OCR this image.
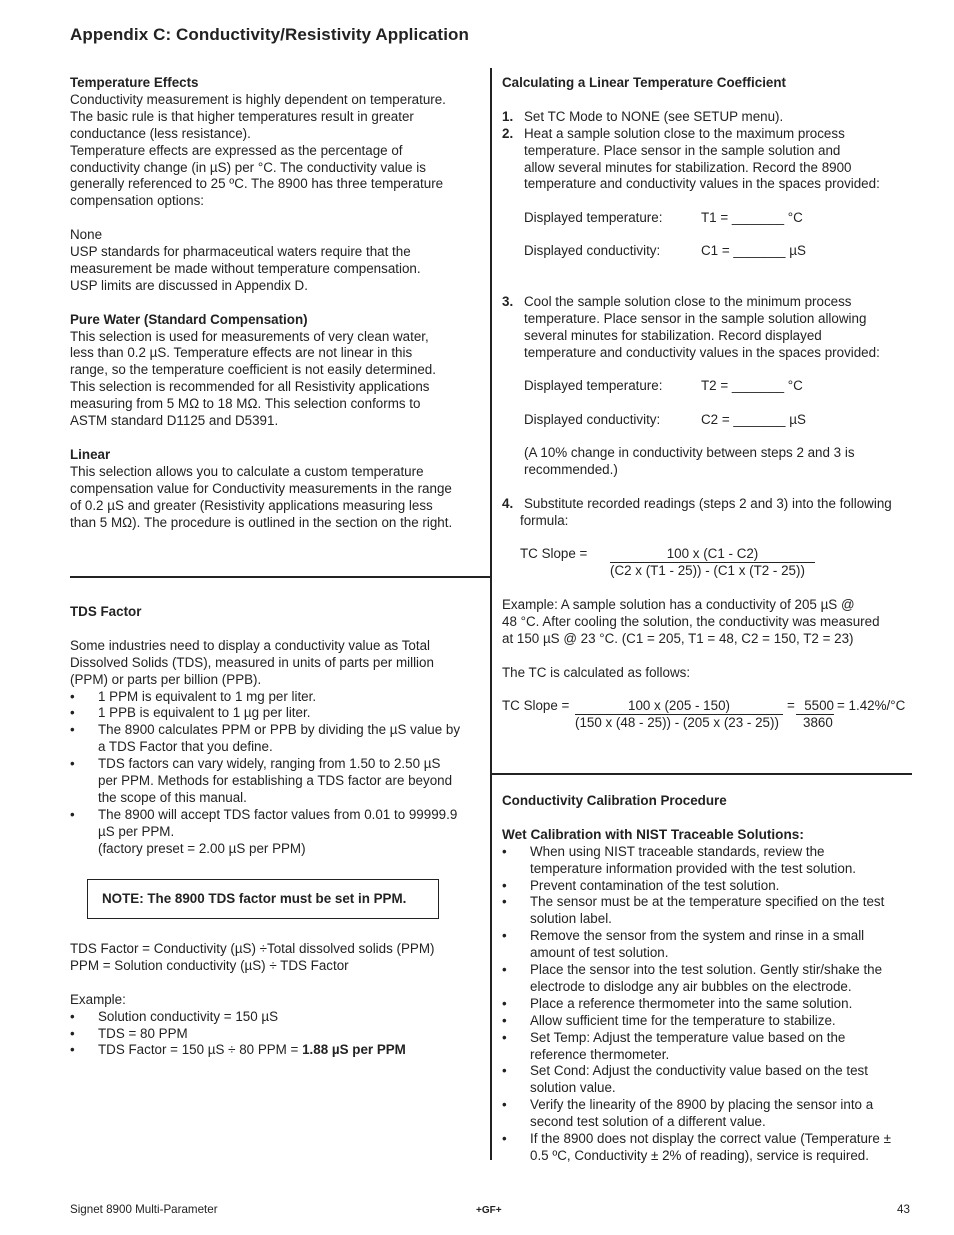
Appendix C: Conductivity/Resistivity Application

Temperature Effects

Conductivity measurement is highly dependent on temperature.

The basic rule is that higher temperatures result in greater

conductance (less resistance).

Temperature effects are expressed as the percentage of

conductivity change (in µS) per °C. The conductivity value is

generally referenced to 25 ºC. The 8900 has three temperature

compensation options:

None

USP standards for pharmaceutical waters require that the

measurement be made without temperature compensation.

USP limits are discussed in Appendix D.

Pure Water (Standard Compensation)

This selection is used for measurements of very clean water,

less than 0.2 µS. Temperature effects are not linear in this

range, so the temperature coefficient is not easily determined.

This selection is recommended for all Resistivity applications

measuring from 5 MΩ to 18 MΩ. This selection conforms to

ASTM standard D1125 and D5391.

Linear

This selection allows you to calculate a custom temperature

compensation value for Conductivity measurements in the range

of 0.2 µS and greater (Resistivity applications measuring less

than 5 MΩ). The procedure is outlined in the section on the right.

TDS Factor

Some industries need to display a conductivity value as Total

Dissolved Solids (TDS), measured in units of parts per million

(PPM) or parts per billion (PPB).

• 1 PPM is equivalent to 1 mg per liter.
• 1 PPB is equivalent to 1 µg per liter.
• The 8900 calculates PPM or PPB by dividing the µS value by
a TDS Factor that you define.
• TDS factors can vary widely, ranging from 1.50 to 2.50 µS
per PPM. Methods for establishing a TDS factor are beyond
the scope of this manual.
• The 8900 will accept TDS factor values from 0.01 to 99999.9
µS per PPM.
(factory preset = 2.00 µS per PPM)
NOTE: The 8900 TDS factor must be set in PPM.

TDS Factor = Conductivity (µS) ÷Total dissolved solids (PPM)

PPM = Solution conductivity (µS) ÷ TDS Factor

Example:

• Solution conductivity = 150 µS
• TDS = 80 PPM
• TDS Factor = 150 µS ÷ 80 PPM = 1.88 µS per PPM

Calculating a Linear Temperature Coefficient

1. Set TC Mode to NONE (see SETUP menu).
2. Heat a sample solution close to the maximum process
temperature. Place sensor in the sample solution and
allow several minutes for stabilization. Record the 8900
temperature and conductivity values in the spaces provided:
Displayed temperature:	T1 = _______ °C
Displayed conductivity:	C1 = _______ µS
3. Cool the sample solution close to the minimum process
temperature. Place sensor in the sample solution allowing
several minutes for stabilization. Record displayed
temperature and conductivity values in the spaces provided:
Displayed temperature:	T2 = _______ °C
Displayed conductivity:	C2 = _______ µS

(A 10% change in conductivity between steps 2 and 3 is

recommended.)

4. Substitute recorded readings (steps 2 and 3) into the following

formula:

TC Slope =	100 x (C1 - C2)
(C2 x (T1 - 25)) - (C1 x (T2 - 25))

Example: A sample solution has a conductivity of 205 µS @

48 °C. After cooling the solution, the conductivity was measured

at 150 µS @ 23 °C. (C1 = 205, T1 = 48, C2 = 150, T2 = 23)

The TC is calculated as follows:

TC Slope =	100 x (205 - 150)	= 5500 = 1.42%/°C
(150 x (48 - 25)) - (205 x (23 - 25)) 3860

Conductivity Calibration Procedure

Wet Calibration with NIST Traceable Solutions:

• When using NIST traceable standards, review the
temperature information provided with the test solution.
• Prevent contamination of the test solution.
• The sensor must be at the temperature specified on the test
solution label.
• Remove the sensor from the system and rinse in a small
amount of test solution.
• Place the sensor into the test solution. Gently stir/shake the
electrode to dislodge any air bubbles on the electrode.
• Place a reference thermometer into the same solution.
• Allow sufficient time for the temperature to stabilize.
• Set Temp: Adjust the temperature value based on the
reference thermometer.
• Set Cond: Adjust the conductivity value based on the test
solution value.
• Verify the linearity of the 8900 by placing the sensor into a
second test solution of a different value.
• If the 8900 does not display the correct value (Temperature ±
0.5 ºC, Conductivity ± 2% of reading), service is required.
Signet 8900 Multi-Parameter	+GF+	43
